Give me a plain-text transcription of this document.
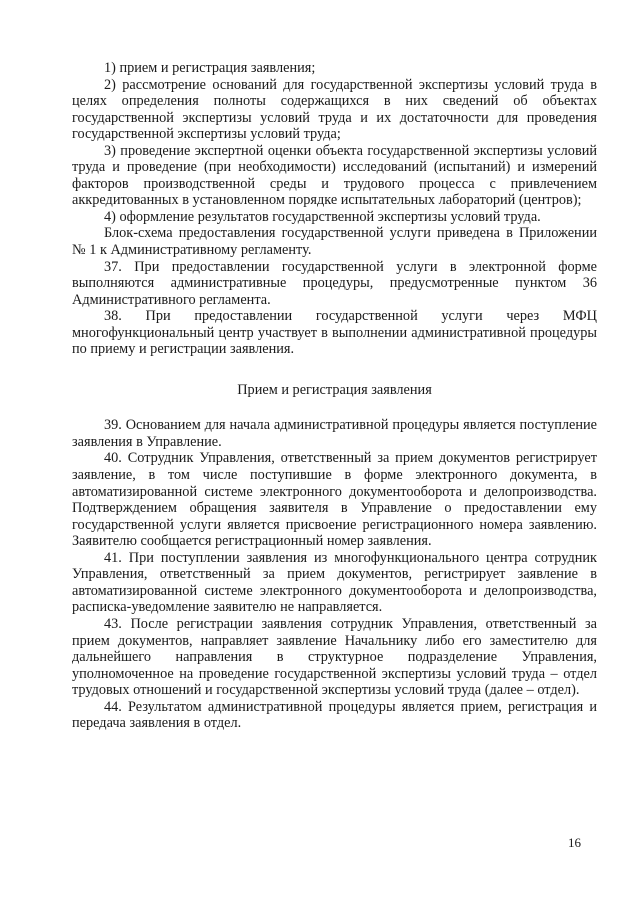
1) прием и регистрация заявления;

2) рассмотрение оснований для государственной экспертизы условий труда в целях определения полноты содержащихся в них сведений об объектах государственной экспертизы условий труда и их достаточности для проведения государственной экспертизы условий труда;

3) проведение экспертной оценки объекта государственной экспертизы условий труда и проведение (при необходимости) исследований (испытаний) и измерений факторов производственной среды и трудового процесса с привлечением аккредитованных в установленном порядке испытательных лабораторий (центров);

4) оформление результатов государственной экспертизы условий труда.

Блок-схема предоставления государственной услуги приведена в Приложении № 1 к Административному регламенту.

37. При предоставлении государственной услуги в электронной форме выполняются административные процедуры, предусмотренные пунктом 36 Административного регламента.

38. При предоставлении государственной услуги через МФЦ многофункциональный центр участвует в выполнении административной процедуры по приему и регистрации заявления.

Прием и регистрация заявления

39. Основанием для начала административной процедуры является поступление заявления в Управление.

40. Сотрудник Управления, ответственный за прием документов регистрирует заявление, в том числе поступившие в форме электронного документа, в автоматизированной системе электронного документооборота и делопроизводства. Подтверждением обращения заявителя в Управление о предоставлении ему государственной услуги является присвоение регистрационного номера заявлению. Заявителю сообщается регистрационный номер заявления.

41. При поступлении заявления из многофункционального центра сотрудник Управления, ответственный за прием документов, регистрирует заявление в автоматизированной системе электронного документооборота и делопроизводства, расписка-уведомление заявителю не направляется.

43. После регистрации заявления сотрудник Управления, ответственный за прием документов, направляет заявление Начальнику либо его заместителю для дальнейшего направления в структурное подразделение Управления, уполномоченное на проведение государственной экспертизы условий труда – отдел трудовых отношений и государственной экспертизы условий труда (далее – отдел).

44. Результатом административной процедуры является прием, регистрация и передача заявления в отдел.

16
